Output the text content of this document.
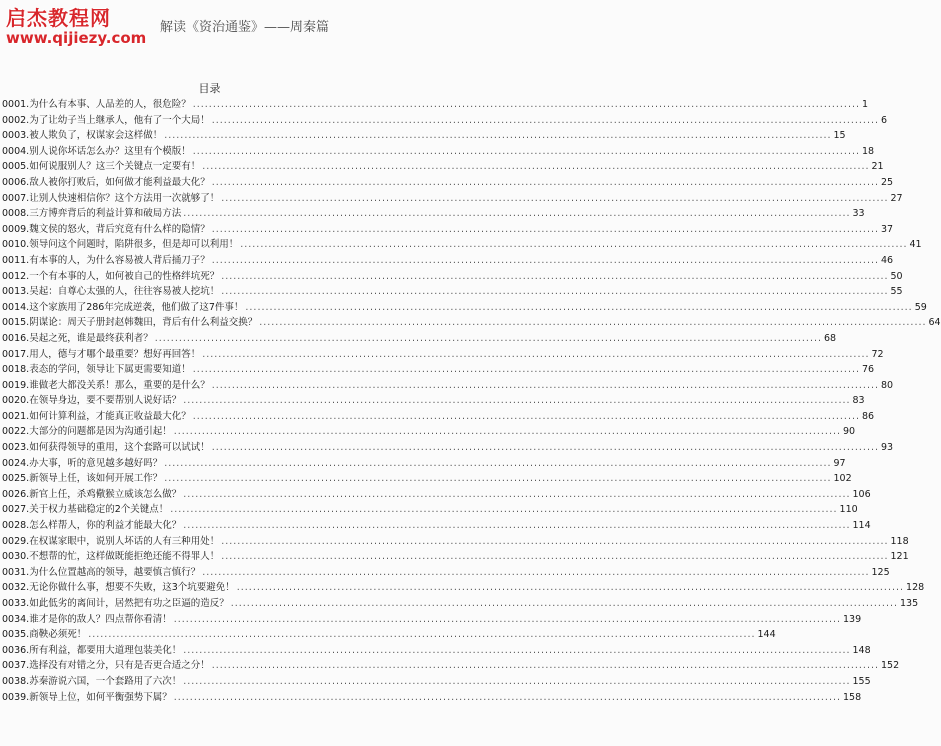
启杰教程网
www.qijiezy.com
解读《资治通鉴》——周秦篇
目录
0001. 为什么有本事、人品差的人，很危险？ .....	1
0002. 为了让幼子当上继承人，他有了一个大局！ .....	6
0003. 被人欺负了，权谋家会这样做！ .....	15
0004. 别人说你坏话怎么办？这里有个模版！ .....	18
0005. 如何说服别人？这三个关键点一定要有！ .....	21
0006. 敌人被你打败后，如何做才能利益最大化？ .....	25
0007. 让别人快速相信你？这个方法用一次就够了！ .....	27
0008. 三方博弈背后的利益计算和破局方法 .....	33
0009. 魏文侯的怒火，背后究竟有什么样的隐情？ .....	37
0010. 领导问这个问题时，陷阱很多，但是却可以利用！ .....	41
0011. 有本事的人，为什么容易被人背后捅刀子？ .....	46
0012. 一个有本事的人，如何被自己的性格绊坑死？ .....	50
0013. 吴起：自尊心太强的人，往往容易被人挖坑！ .....	55
0014. 这个家族用了286年完成逆袭，他们做了这7件事！ .....	59
0015. 阴谋论：周天子册封赵韩魏田，背后有什么利益交换？ .....	64
0016. 吴起之死，谁是最终获利者？ .....	68
0017. 用人，德与才哪个最重要？想好再回答！ .....	72
0018. 表态的学问，领导让下属更需要知道！ .....	76
0019. 谁做老大都没关系！那么，重要的是什么？ .....	80
0020. 在领导身边，要不要帮别人说好话？ .....	83
0021. 如何计算利益，才能真正收益最大化？ .....	86
0022. 大部分的问题都是因为沟通引起！ .....	90
0023. 如何获得领导的重用，这个套路可以试试！ .....	93
0024. 办大事，听的意见越多越好吗？ .....	97
0025. 新领导上任，该如何开展工作？ .....	102
0026. 新官上任，杀鸡儆猴立威该怎么做？ .....	106
0027. 关于权力基础稳定的2个关键点！ .....	110
0028. 怎么样帮人，你的利益才能最大化？ .....	114
0029. 在权谋家眼中，说别人坏话的人有三种用处！ .....	118
0030. 不想帮的忙，这样做既能拒绝还能不得罪人！ .....	121
0031. 为什么位置越高的领导，越要慎言慎行？ .....	125
0032. 无论你做什么事，想要不失败，这3个坑要避免！ .....	128
0033. 如此低劣的离间计，居然把有功之臣逼的造反？ .....	135
0034. 谁才是你的敌人？四点帮你看清！ .....	139
0035. 商鞅必须死！ .....	144
0036. 所有利益，都要用大道理包装美化！ .....	148
0037. 选择没有对错之分，只有是否更合适之分！ .....	152
0038. 苏秦游说六国，一个套路用了六次！ .....	155
0039. 新领导上位，如何平衡强势下属？ .....	158
